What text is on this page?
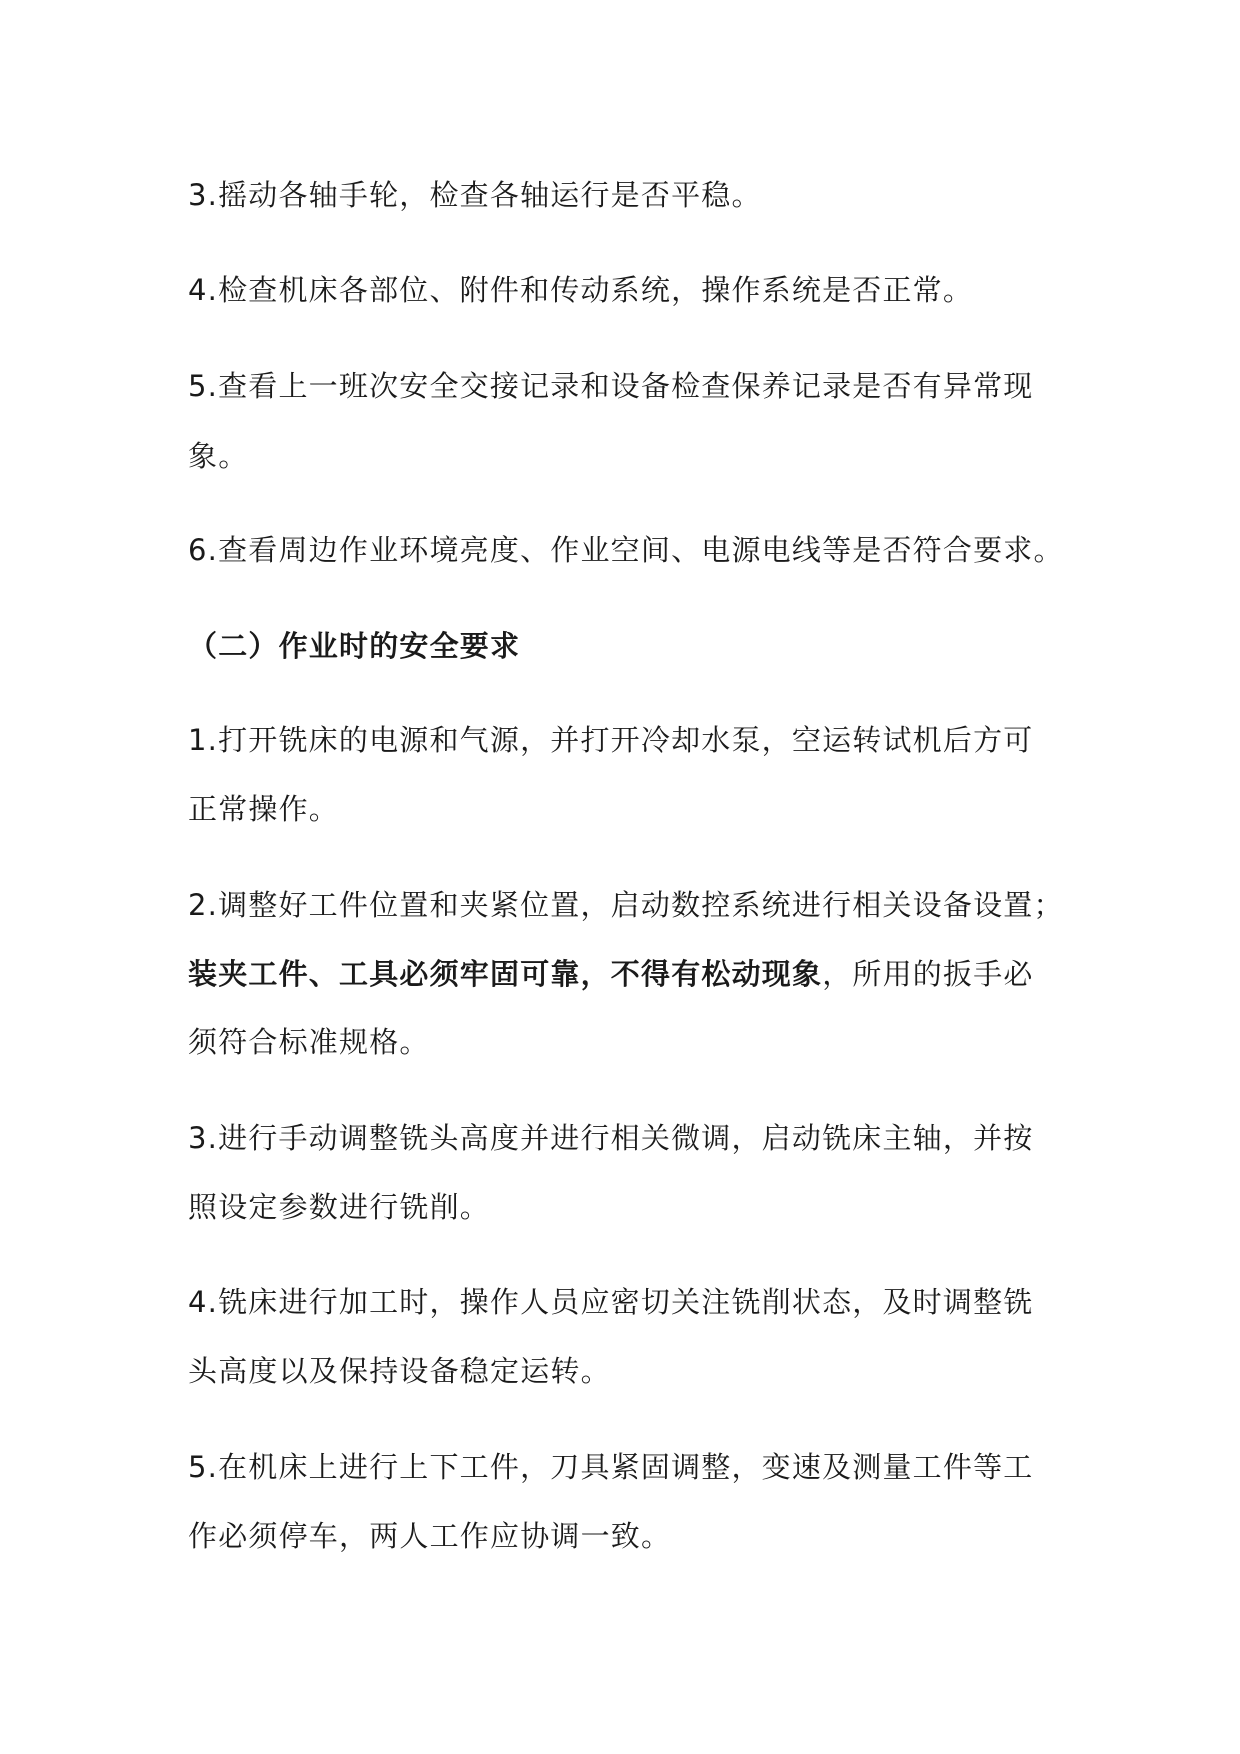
3.摇动各轴手轮，检查各轴运行是否平稳。
4.检查机床各部位、附件和传动系统，操作系统是否正常。
5.查看上一班次安全交接记录和设备检查保养记录是否有异常现
象。
6.查看周边作业环境亮度、作业空间、电源电线等是否符合要求。
（二）作业时的安全要求
1.打开铣床的电源和气源，并打开冷却水泵，空运转试机后方可
正常操作。
2.调整好工件位置和夹紧位置，启动数控系统进行相关设备设置；
装夹工件、工具必须牢固可靠，不得有松动现象，所用的扳手必
须符合标准规格。
3.进行手动调整铣头高度并进行相关微调，启动铣床主轴，并按
照设定参数进行铣削。
4.铣床进行加工时，操作人员应密切关注铣削状态，及时调整铣
头高度以及保持设备稳定运转。
5.在机床上进行上下工件，刀具紧固调整，变速及测量工件等工
作必须停车，两人工作应协调一致。
